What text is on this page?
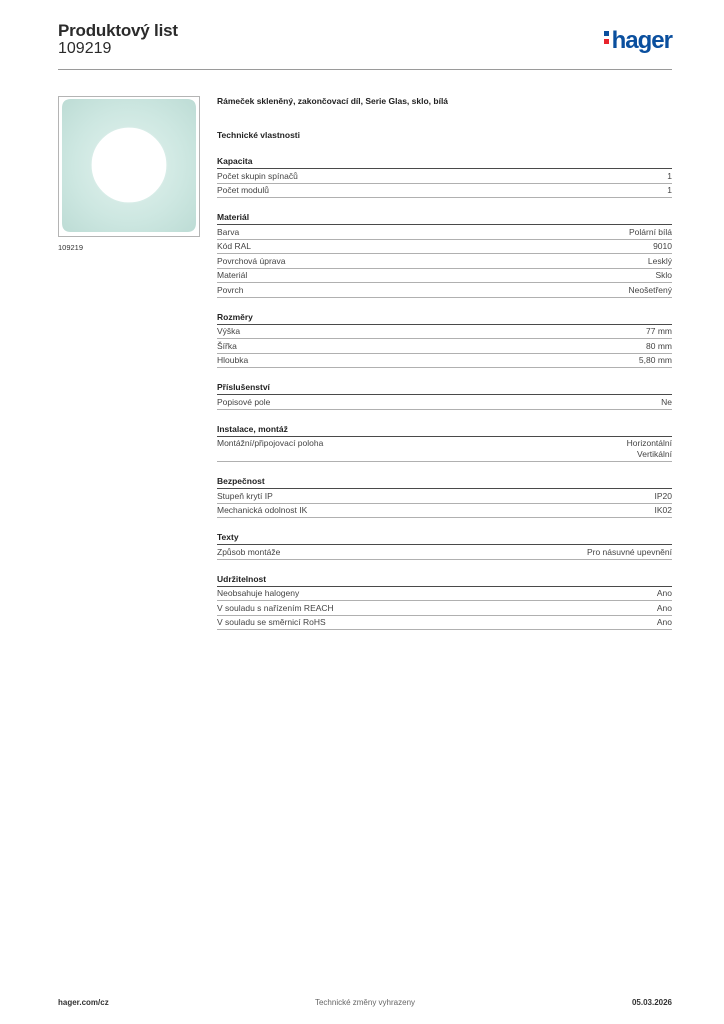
Produktový list
109219	hager
109219
Rámeček skleněný, zakončovací díl, Serie Glas, sklo, bílá
Technické vlastnosti
Kapacita
Počet skupin spínačů	1
Počet modulů	1
Materiál
Barva	Polární bílá
Kód RAL	9010
Povrchová úprava	Lesklý
Materiál	Sklo
Povrch	Neošetřený
Rozměry
Výška	77 mm
Šířka	80 mm
Hloubka	5,80 mm
Příslušenství
Popisové pole	Ne
Instalace, montáž
Montážní/připojovací poloha	Horizontální
Vertikální
Bezpečnost
Stupeň krytí IP	IP20
Mechanická odolnost IK	IK02
Texty
Způsob montáže	Pro násuvné upevnění
Udržitelnost
Neobsahuje halogeny	Ano
V souladu s nařízením REACH	Ano
V souladu se směrnicí RoHS	Ano
hager.com/cz	Technické změny vyhrazeny	05.03.2026
